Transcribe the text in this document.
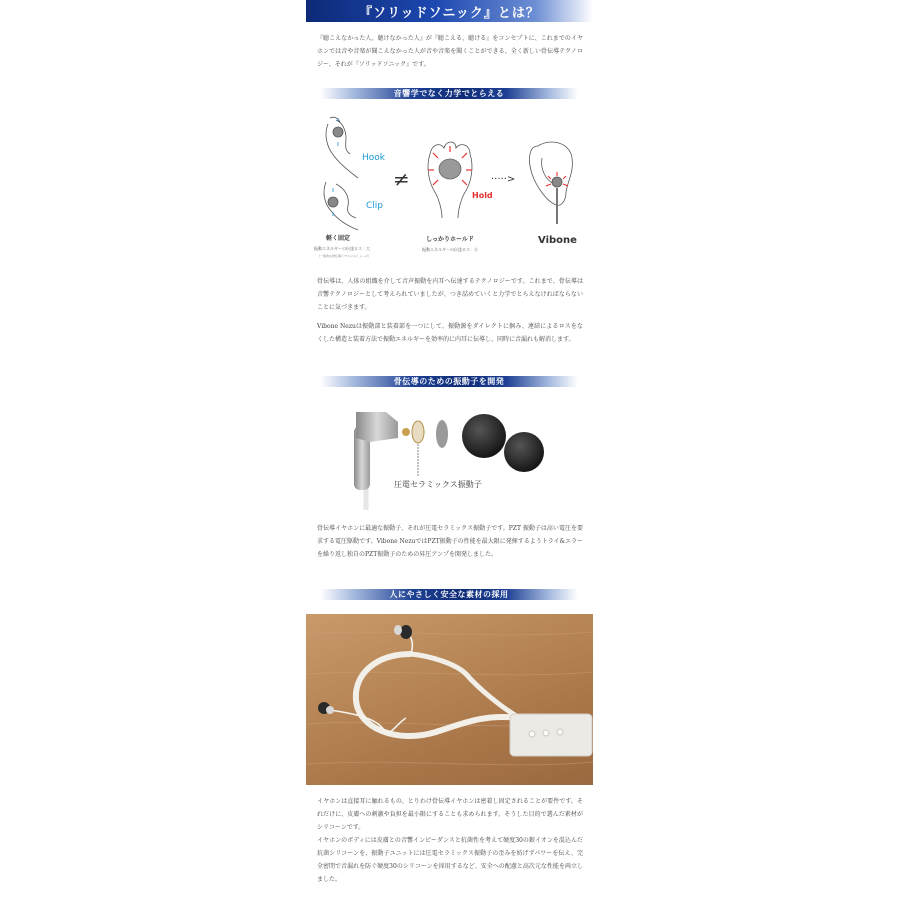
『ソリッドソニック』とは？

『聴こえなかった人、聴けなかった人』が『聴こえる、聴ける』をコンセプトに、これまでのイヤホンでは音や音楽が聞こえなかった人が音や音楽を聞くことができる、全く新しい骨伝導テクノロジー、それが『ソリッドソニック』です。

音響学でなく力学でとらえる
Hook
Clip
≠
Hold
·····>
Vibone
軽く固定
振動エネルギーの伝達ロス：大
（一般的な骨伝導イヤホンのイメージ）
しっかりホールド
振動エネルギーの伝達ロス：小

骨伝導は、人体の組織を介して音声振動を内耳へ伝達するテクノロジーです。これまで、骨伝導は音響テクノロジーとして考えられていましたが、つき詰めていくと力学でとらえなければならないことに気づきます。

Vibone Nezuは振動部と装着部を一つにして、振動源をダイレクトに掴み、連結によるロスをなくした構造と装着方法で振動エネルギーを効率的に内耳に伝導し、同時に音漏れも解消します。

骨伝導のための振動子を開発
圧電セラミックス振動子

骨伝導イヤホンに最適な振動子、それが圧電セラミックス振動子です。PZT 振動子は高い電圧を要求する電圧駆動です。Vibone NezuではPZT振動子の性能を最大限に発揮するようトライ&エラーを繰り返し独自のPZT振動子のための昇圧アンプを開発しました。

人にやさしく安全な素材の採用

イヤホンは直接耳に触れるもの、とりわけ骨伝導イヤホンは密着し固定されることが要件です。それだけに、皮膚への刺激や負担を最小限にすることも求められます。そうした目的で選んだ素材がシリコーンです。

イヤホンのボディには皮膚との音響インピーダンスと抗菌性を考えて硬度30の銀イオンを混込んだ抗菌シリコーンを、振動子ユニットには圧電セラミックス振動子の歪みを妨げずパワーを伝え、完全密閉で音漏れを防ぐ硬度30のシリコーンを採用するなど、安全への配慮と高次元な性能を両立しました。
